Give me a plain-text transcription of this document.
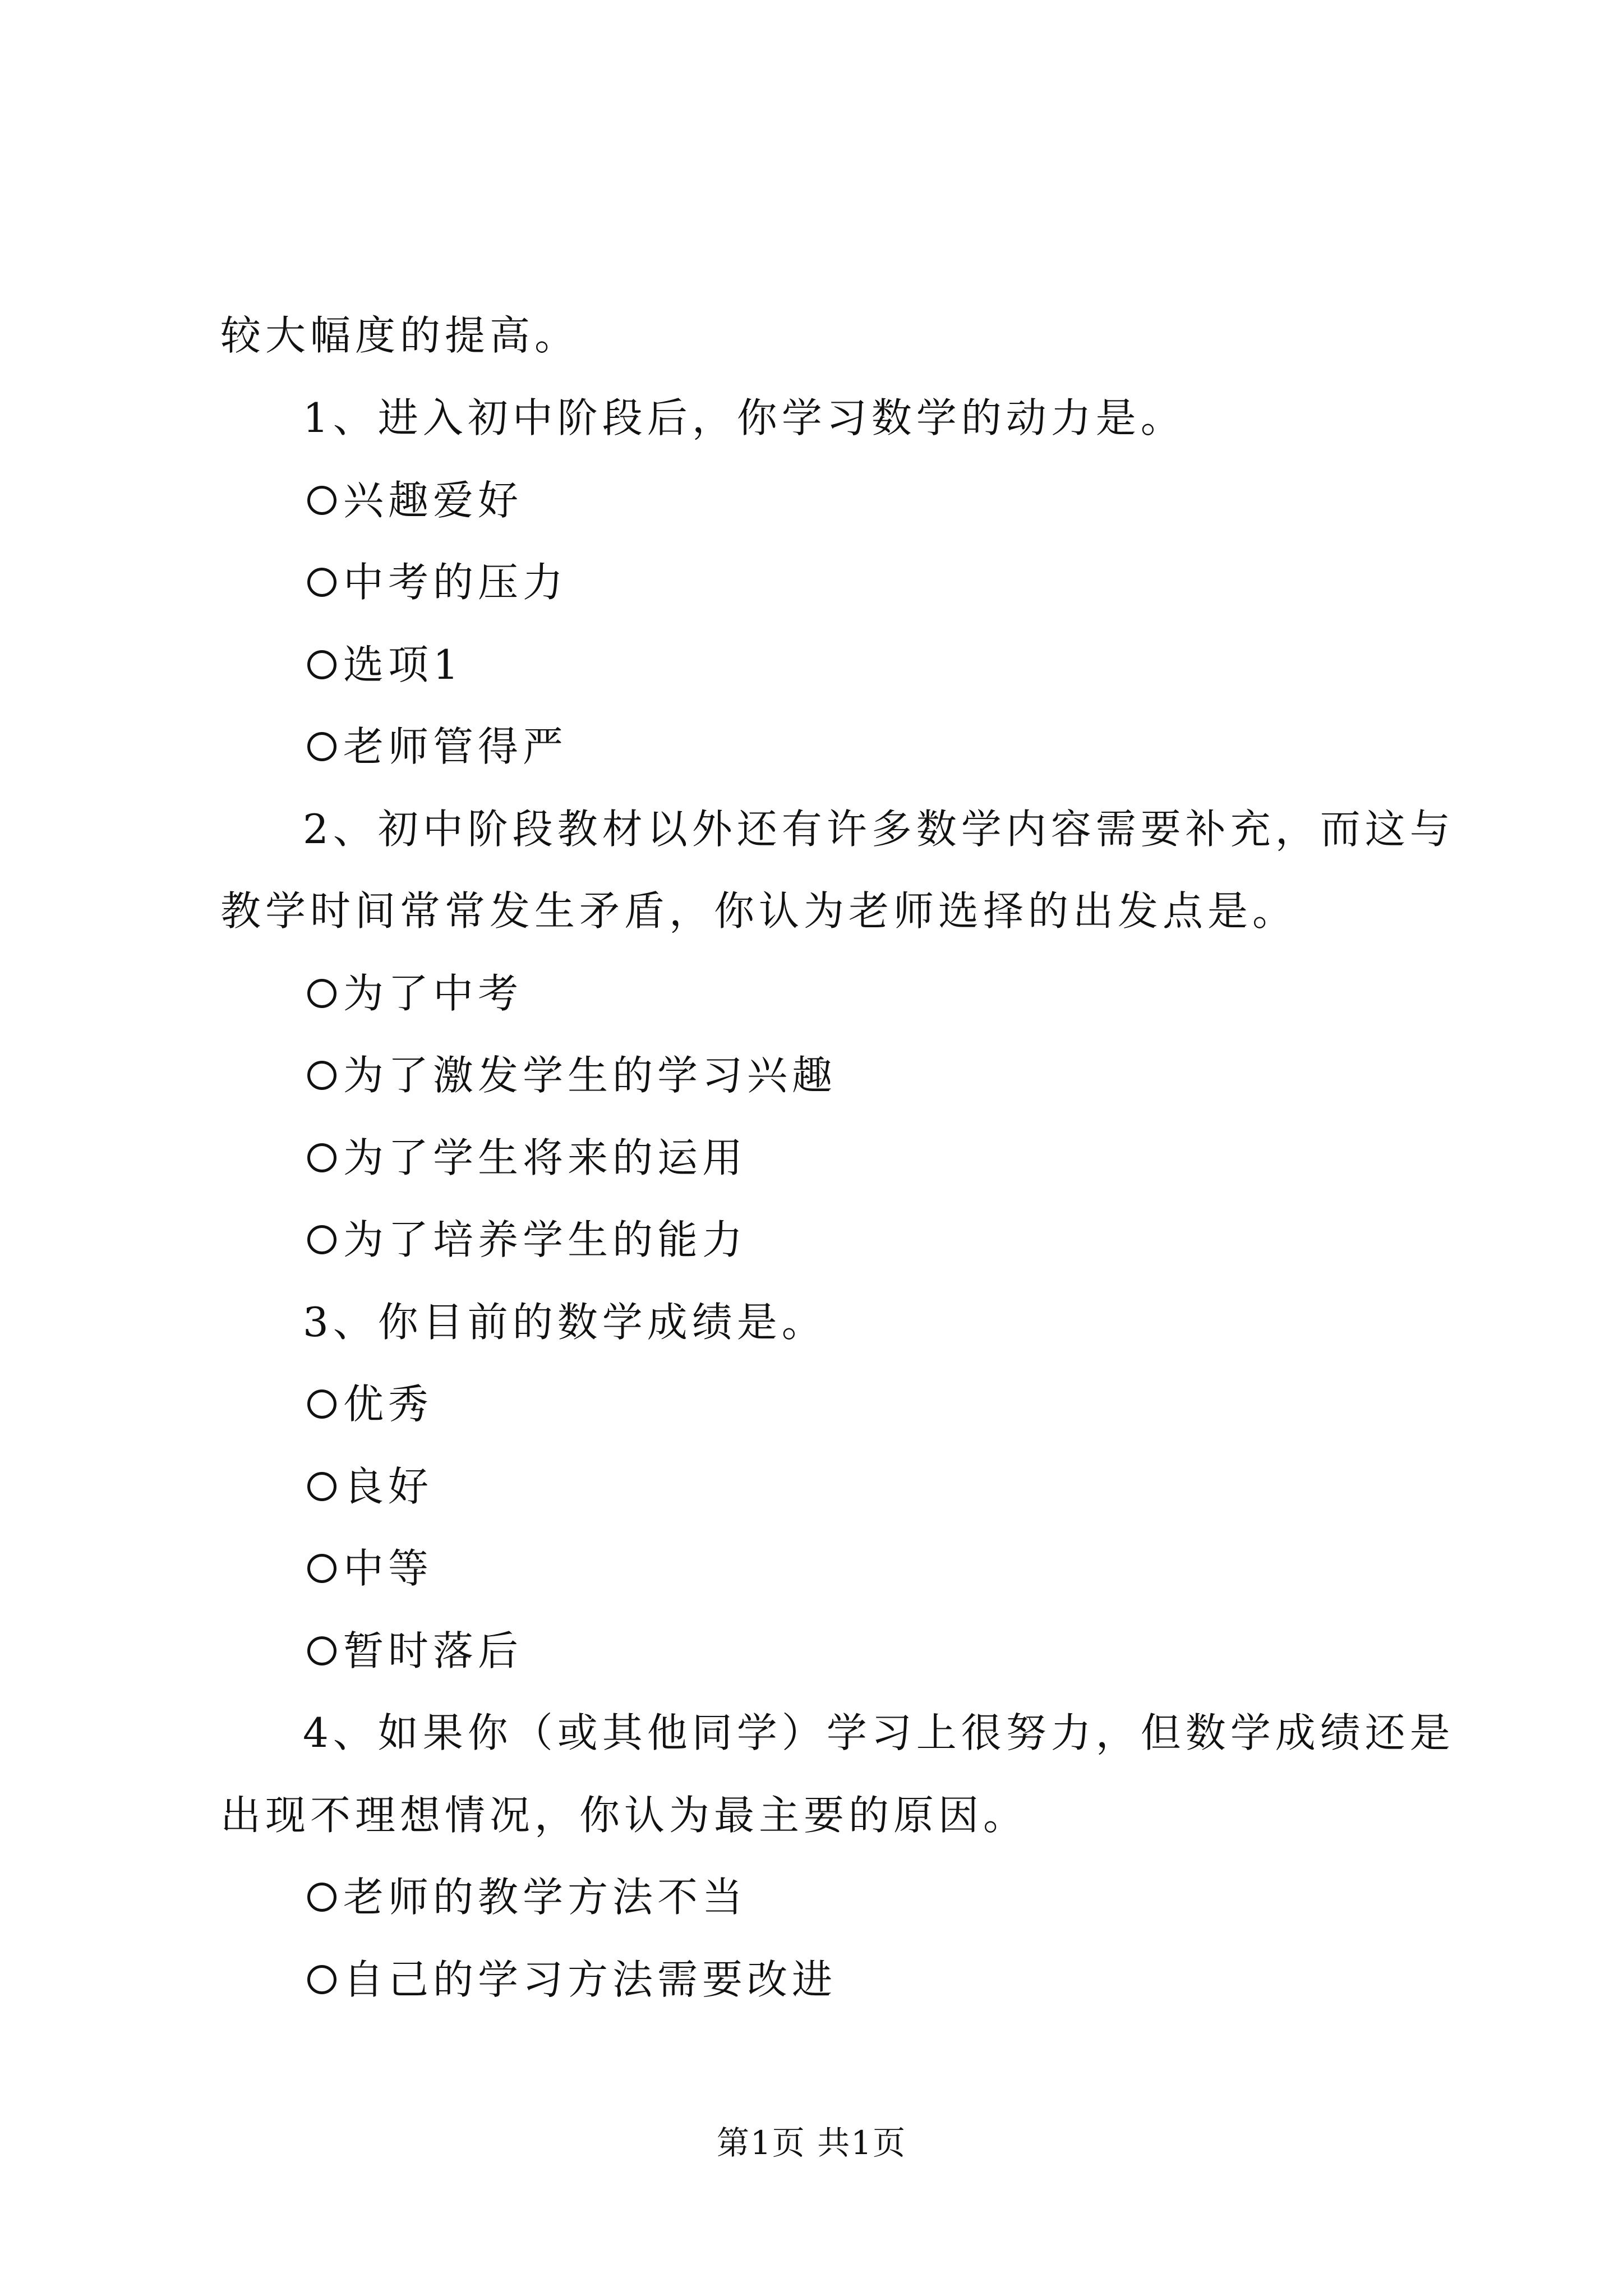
较大幅度的提高。
1、进入初中阶段后，你学习数学的动力是。
兴趣爱好
中考的压力
选项1
老师管得严
2、初中阶段教材以外还有许多数学内容需要补充，而这与
教学时间常常发生矛盾，你认为老师选择的出发点是。
为了中考
为了激发学生的学习兴趣
为了学生将来的运用
为了培养学生的能力
3、你目前的数学成绩是。
优秀
良好
中等
暂时落后
4、如果你（或其他同学）学习上很努力，但数学成绩还是
出现不理想情况，你认为最主要的原因。
老师的教学方法不当
自己的学习方法需要改进
第1页 共1页
